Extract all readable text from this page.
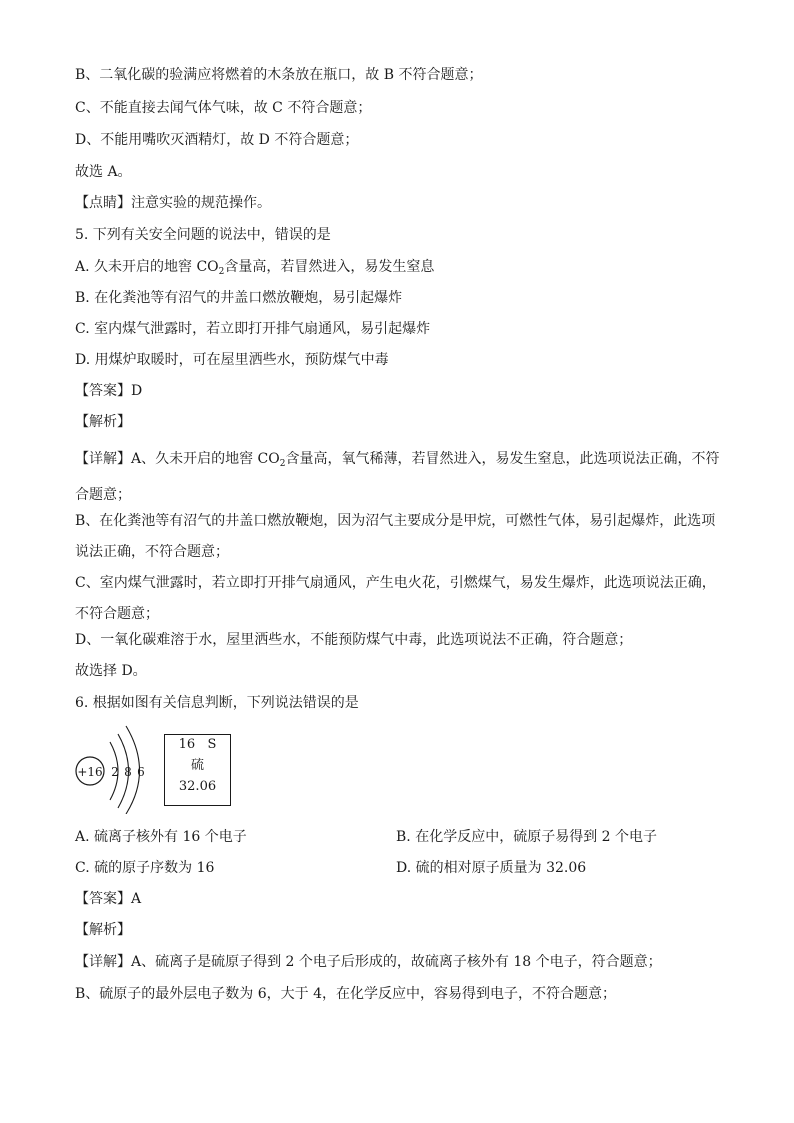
B、二氧化碳的验满应将燃着的木条放在瓶口，故 B 不符合题意；
C、不能直接去闻气体气味，故 C 不符合题意；
D、不能用嘴吹灭酒精灯，故 D 不符合题意；
故选 A。
【点睛】注意实验的规范操作。
5. 下列有关安全问题的说法中，错误的是
A. 久未开启的地窖 $CO_2$含量高，若冒然进入，易发生窒息
B. 在化粪池等有沼气的井盖口燃放鞭炮，易引起爆炸
C. 室内煤气泄露时，若立即打开排气扇通风，易引起爆炸
D. 用煤炉取暖时，可在屋里洒些水，预防煤气中毒
【答案】D
【解析】
【详解】A、久未开启的地窖 $CO_2$含量高，氧气稀薄，若冒然进入，易发生窒息，此选项说法正确，不符合题意；
B、在化粪池等有沼气的井盖口燃放鞭炮，因为沼气主要成分是甲烷，可燃性气体，易引起爆炸，此选项说法正确，不符合题意；
C、室内煤气泄露时，若立即打开排气扇通风，产生电火花，引燃煤气，易发生爆炸，此选项说法正确，不符合题意；
D、一氧化碳难溶于水，屋里洒些水，不能预防煤气中毒，此选项说法不正确，符合题意；
故选择 D。
6. 根据如图有关信息判断，下列说法错误的是
+16 2 8 6
16 S
硫
32.06
A. 硫离子核外有 16 个电子	B. 在化学反应中，硫原子易得到 2 个电子
C. 硫的原子序数为 16	D. 硫的相对原子质量为 32.06
【答案】A
【解析】
【详解】A、硫离子是硫原子得到 2 个电子后形成的，故硫离子核外有 18 个电子，符合题意；
B、硫原子的最外层电子数为 6，大于 4，在化学反应中，容易得到电子，不符合题意；
